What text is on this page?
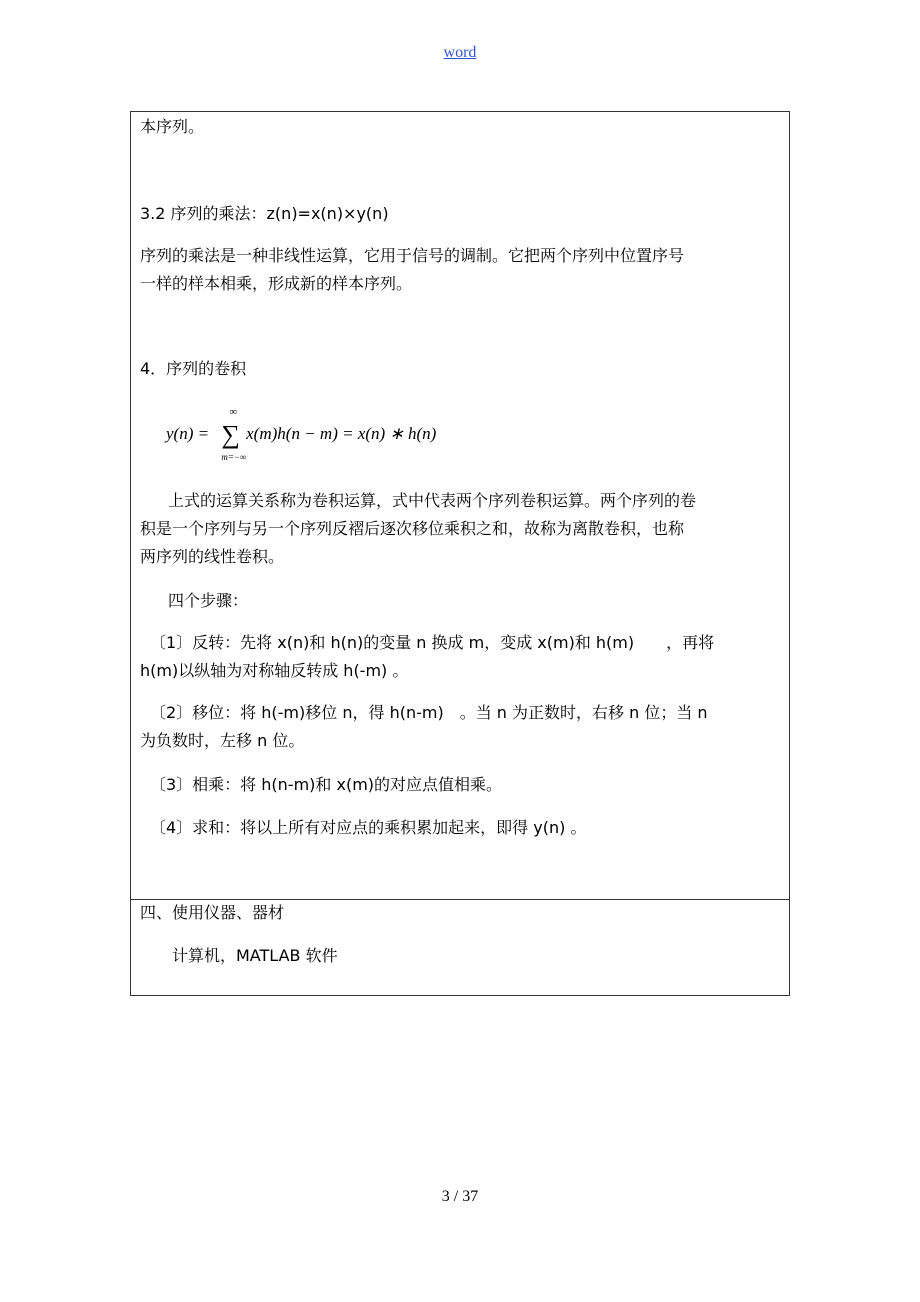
word
本序列。
3.2 序列的乘法：z(n)=x(n)×y(n)
序列的乘法是一种非线性运算，它用于信号的调制。它把两个序列中位置序号
一样的样本相乘，形成新的样本序列。
4．序列的卷积
y(n) =
∞
∑
m=−∞
x(m)h(n − m) = x(n) ∗ h(n)
上式的运算关系称为卷积运算，式中代表两个序列卷积运算。两个序列的卷
积是一个序列与另一个序列反褶后逐次移位乘积之和，故称为离散卷积，也称
两序列的线性卷积。
四个步骤：
〔1〕反转：先将 x(n)和 h(n)的变量 n 换成 m，变成 x(m)和 h(m)　　，再将
h(m)以纵轴为对称轴反转成 h(-m) 。
〔2〕移位：将 h(-m)移位 n，得 h(n-m)　。当 n 为正数时，右移 n 位；当 n
为负数时，左移 n 位。
〔3〕相乘：将 h(n-m)和 x(m)的对应点值相乘。
〔4〕求和：将以上所有对应点的乘积累加起来，即得 y(n) 。
四、使用仪器、器材
计算机，MATLAB 软件
3 / 37
